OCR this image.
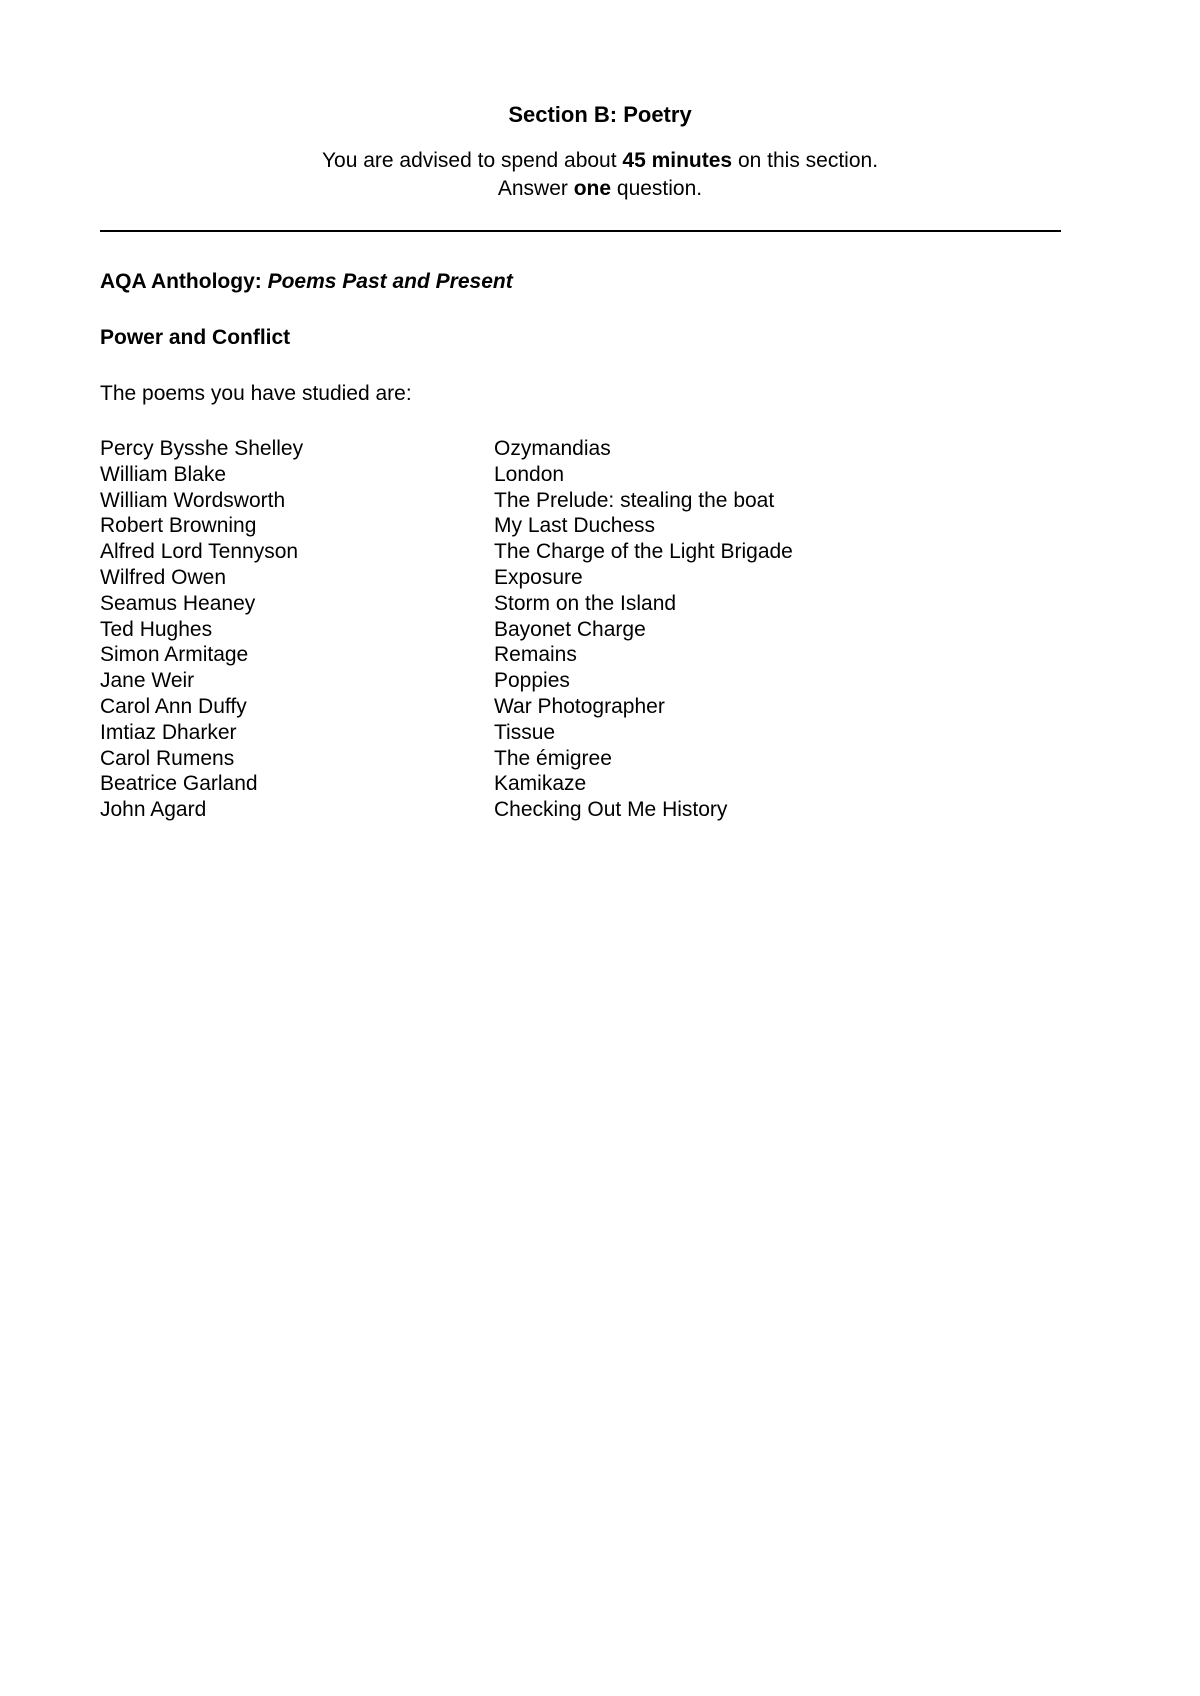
Section B: Poetry
You are advised to spend about 45 minutes on this section.
Answer one question.
AQA Anthology: Poems Past and Present
Power and Conflict
The poems you have studied are:
Percy Bysshe Shelley	Ozymandias
William Blake	London
William Wordsworth	The Prelude: stealing the boat
Robert Browning	My Last Duchess
Alfred Lord Tennyson	The Charge of the Light Brigade
Wilfred Owen	Exposure
Seamus Heaney	Storm on the Island
Ted Hughes	Bayonet Charge
Simon Armitage	Remains
Jane Weir	Poppies
Carol Ann Duffy	War Photographer
Imtiaz Dharker	Tissue
Carol Rumens	The émigree
Beatrice Garland	Kamikaze
John Agard	Checking Out Me History
